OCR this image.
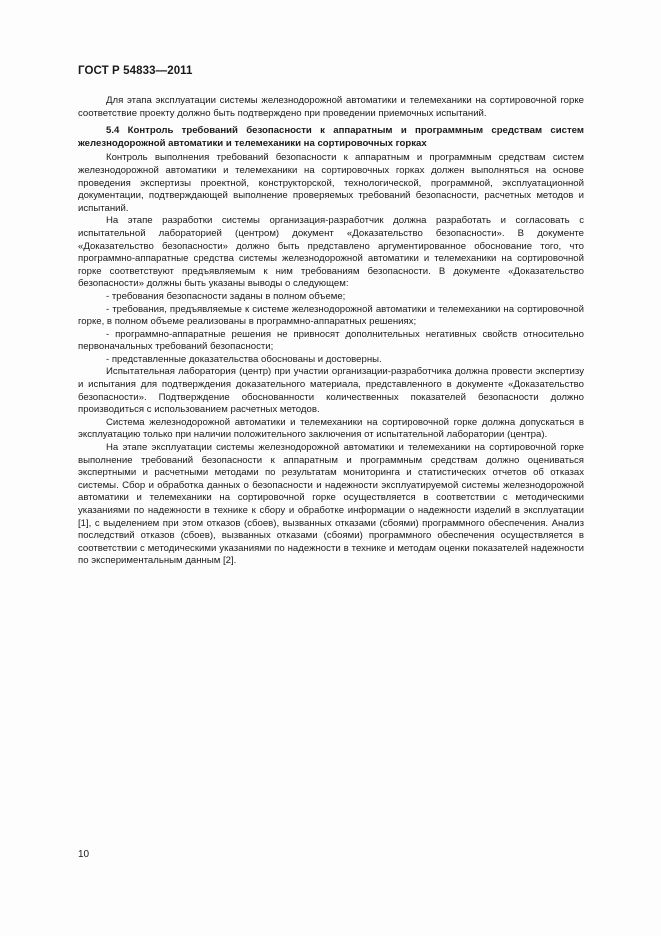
ГОСТ Р 54833—2011

Для этапа эксплуатации системы железнодорожной автоматики и телемеханики на сортировочной горке соответствие проекту должно быть подтверждено при проведении приемочных испытаний.

5.4 Контроль требований безопасности к аппаратным и программным средствам систем железнодорожной автоматики и телемеханики на сортировочных горках

Контроль выполнения требований безопасности к аппаратным и программным средствам систем железнодорожной автоматики и телемеханики на сортировочных горках должен выполняться на основе проведения экспертизы проектной, конструкторской, технологической, программной, эксплуатационной документации, подтверждающей выполнение проверяемых требований безопасности, расчетных методов и испытаний.

На этапе разработки системы организация-разработчик должна разработать и согласовать с испытательной лабораторией (центром) документ «Доказательство безопасности». В документе «Доказательство безопасности» должно быть представлено аргументированное обоснование того, что программно-аппаратные средства системы железнодорожной автоматики и телемеханики на сортировочной горке соответствуют предъявляемым к ним требованиям безопасности. В документе «Доказательство безопасности» должны быть указаны выводы о следующем:

- требования безопасности заданы в полном объеме;

- требования, предъявляемые к системе железнодорожной автоматики и телемеханики на сортировочной горке, в полном объеме реализованы в программно-аппаратных решениях;

- программно-аппаратные решения не привносят дополнительных негативных свойств относительно первоначальных требований безопасности;

- представленные доказательства обоснованы и достоверны.

Испытательная лаборатория (центр) при участии организации-разработчика должна провести экспертизу и испытания для подтверждения доказательного материала, представленного в документе «Доказательство безопасности». Подтверждение обоснованности количественных показателей безопасности должно производиться с использованием расчетных методов.

Система железнодорожной автоматики и телемеханики на сортировочной горке должна допускаться в эксплуатацию только при наличии положительного заключения от испытательной лаборатории (центра).

На этапе эксплуатации системы железнодорожной автоматики и телемеханики на сортировочной горке выполнение требований безопасности к аппаратным и программным средствам должно оцениваться экспертными и расчетными методами по результатам мониторинга и статистических отчетов об отказах системы. Сбор и обработка данных о безопасности и надежности эксплуатируемой системы железнодорожной автоматики и телемеханики на сортировочной горке осуществляется в соответствии с методическими указаниями по надежности в технике к сбору и обработке информации о надежности изделий в эксплуатации [1], с выделением при этом отказов (сбоев), вызванных отказами (сбоями) программного обеспечения. Анализ последствий отказов (сбоев), вызванных отказами (сбоями) программного обеспечения осуществляется в соответствии с методическими указаниями по надежности в технике и методам оценки показателей надежности по экспериментальным данным [2].

10
